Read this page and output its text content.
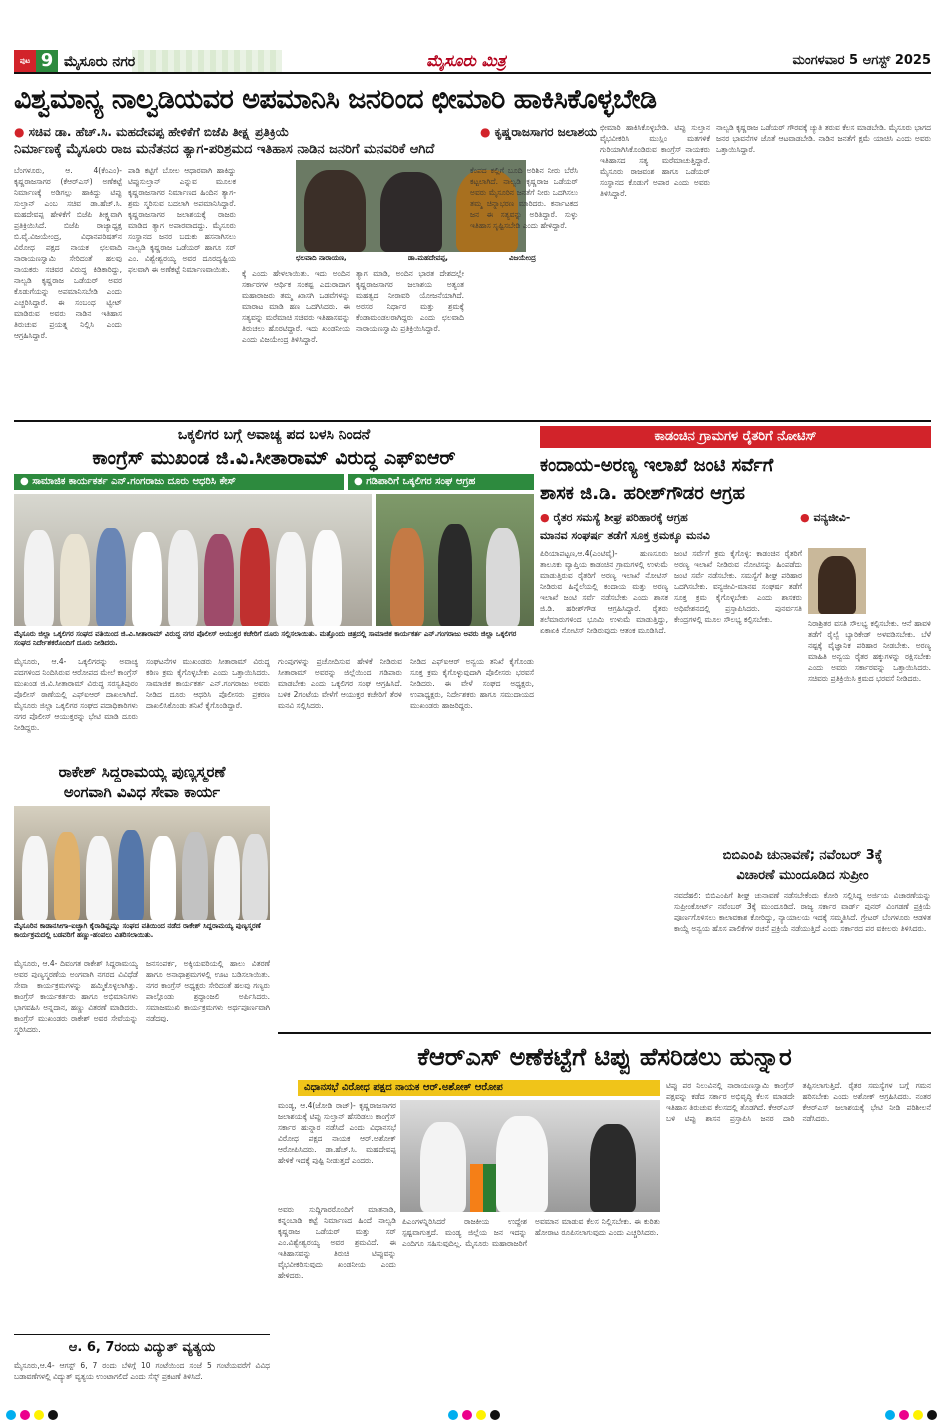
ಪುಟ 9 ಮೈಸೂರು ನಗರ	ಮೈಸೂರು ಮಿತ್ರ	ಮಂಗಳವಾರ 5 ಆಗಸ್ಟ್ 2025
ವಿಶ್ವಮಾನ್ಯ ನಾಲ್ವಡಿಯವರ ಅಪಮಾನಿಸಿ ಜನರಿಂದ ಛೀಮಾರಿ ಹಾಕಿಸಿಕೊಳ್ಳಬೇಡಿ
● ಸಚಿವ ಡಾ. ಹೆಚ್.ಸಿ. ಮಹದೇವಪ್ಪ ಹೇಳಿಕೆಗೆ ಬಿಜೆಪಿ ತೀಕ್ಷ್ಣ ಪ್ರತಿಕ್ರಿಯೆ	● ಕೃಷ್ಣರಾಜಸಾಗರ ಜಲಾಶಯ
ನಿರ್ಮಾಣಕ್ಕೆ ಮೈಸೂರು ರಾಜ ಮನೆತನದ ತ್ಯಾಗ-ಪರಿಶ್ರಮದ ಇತಿಹಾಸ ನಾಡಿನ ಜನರಿಗೆ ಮನವರಿಕೆ ಆಗಿದೆ
ಬೆಂಗಳೂರು, ಆ. 4(ಕೆಂಎಂ)- ಕೃಷ್ಣರಾಜಸಾಗರ (ಕೆಆರ್‌ಎಸ್) ಅಣೆಕಟ್ಟೆ ನಿರ್ಮಾಣಕ್ಕೆ ಅಡಿಗಲ್ಲು ಹಾಕಿದ್ದು ಟಿಪ್ಪು ಸುಲ್ತಾನ್ ಎಂಬ ಸಚಿವ ಡಾ.ಹೆಚ್.ಸಿ. ಮಹದೇವಪ್ಪ ಹೇಳಿಕೆಗೆ ಬಿಜೆಪಿ ತೀಕ್ಷ್ಣವಾಗಿ ಪ್ರತಿಕ್ರಿಯಿಸಿದೆ. ಬಿಜೆಪಿ ರಾಜ್ಯಾಧ್ಯಕ್ಷ ಬಿ.ವೈ.ವಿಜಯೇಂದ್ರ, ವಿಧಾನಪರಿಷತ್‌ನ ವಿರೋಧ ಪಕ್ಷದ ನಾಯಕ ಛಲವಾದಿ ನಾರಾಯಣಸ್ವಾಮಿ ಸೇರಿದಂತೆ ಹಲವು ನಾಯಕರು ಸಚಿವರ ವಿರುದ್ಧ ಕಿಡಿಕಾರಿದ್ದು, ನಾಲ್ವಡಿ ಕೃಷ್ಣರಾಜ ಒಡೆಯರ್ ಅವರ ಕೊಡುಗೆಯನ್ನು ಅಪಮಾನಿಸಬೇಡಿ ಎಂದು ಎಚ್ಚರಿಸಿದ್ದಾರೆ. ಈ ಸಂಬಂಧ ಟ್ವೀಟ್ ಮಾಡಿರುವ ಅವರು ನಾಡಿನ ಇತಿಹಾಸ ತಿರುಚುವ ಪ್ರಯತ್ನ ನಿಲ್ಲಿಸಿ ಎಂದು ಆಗ್ರಹಿಸಿದ್ದಾರೆ.
ಪಾಡಿ ಕಟ್ಟಿಗೆ ಬೋಲ ಆಧಾರವಾಗಿ ಹಾಕಿದ್ದು ಟಿಪ್ಪುಸುಲ್ತಾನ್ ಎನ್ನುವ ಮೂಲಕ ಕೃಷ್ಣರಾಜಸಾಗರ ನಿರ್ಮಾಣದ ಹಿಂದಿನ ತ್ಯಾಗ-ಶ್ರಮ ಸ್ಮರಿಸುವ ಬದಲಾಗಿ ಅಪಮಾನಿಸಿದ್ದಾರೆ. ಕೃಷ್ಣರಾಜಸಾಗರ ಜಲಾಶಯಕ್ಕೆ ರಾಜರು ಮಾಡಿದ ತ್ಯಾಗ ಅಪಾರವಾದದ್ದು. ಮೈಸೂರು ಸಂಸ್ಥಾನದ ಜನರ ಬದುಕು ಹಸನಾಗಿಸಲು ನಾಲ್ವಡಿ ಕೃಷ್ಣರಾಜ ಒಡೆಯರ್ ಹಾಗೂ ಸರ್ ಎಂ. ವಿಶ್ವೇಶ್ವರಯ್ಯ ಅವರ ದೂರದೃಷ್ಟಿಯ ಫಲವಾಗಿ ಈ ಅಣೆಕಟ್ಟೆ ನಿರ್ಮಾಣವಾಯಿತು.
ಛಲವಾದಿ ನಾರಾಯಣ,	ಡಾ.ಮಹದೇವಪ್ಪ,	ವಿಜಯೇಂದ್ರ
ಕ್ಕೆ ಎಂದು ಹೇಳಲಾಯಿತು. ಇದು ಅಂದಿನ ಸರ್ಕಾರಗಳ ಆರ್ಥಿಕ ಸಂಕಷ್ಟ ಎದುರಾದಾಗ ಮಹಾರಾಜರು ತಮ್ಮ ಖಾಸಗಿ ಒಡವೆಗಳನ್ನು ಮಾರಾಟ ಮಾಡಿ ಹಣ ಒದಗಿಸಿದರು. ಈ ಸತ್ಯವನ್ನು ಮರೆಮಾಚಿ ಸಚಿವರು ಇತಿಹಾಸವನ್ನು ತಿರುಚಲು ಹೊರಟಿದ್ದಾರೆ. ಇದು ಖಂಡನೀಯ ಎಂದು ವಿಜಯೇಂದ್ರ ತಿಳಿಸಿದ್ದಾರೆ.
ತ್ಯಾಗ ಮಾಡಿ, ಅಂದಿನ ಭಾರತ ದೇಶದಲ್ಲೇ ಕೃಷ್ಣರಾಜಸಾಗರ ಜಲಾಶಯ ಅತ್ಯಂತ ಮಹತ್ವದ ನೀರಾವರಿ ಯೋಜನೆಯಾಗಿದೆ. ಅರಸರ ನಿರ್ಧಾರ ಮತ್ತು ಶ್ರಮಕ್ಕೆ ಕೆಂಡಾಮಂಡಲರಾಗಿದ್ದರು ಎಂದು ಛಲವಾದಿ ನಾರಾಯಣಸ್ವಾಮಿ ಪ್ರತಿಕ್ರಿಯಿಸಿದ್ದಾರೆ.
ಕೆಂಪದ ಕಲ್ಲಿಗೆ ಬೂದಿ ಅರಿಶಿನ ನೀರು ಬೆರೆಸಿ ಕಟ್ಟಲಾಗಿದೆ. ನಾಲ್ವಡಿ ಕೃಷ್ಣರಾಜ ಒಡೆಯರ್ ಅವರು ಮೈಸೂರಿನ ಜನತೆಗೆ ನೀರು ಒದಗಿಸಲು ತಮ್ಮ ಚಿನ್ನಾಭರಣ ಮಾರಿದರು. ಕರ್ನಾಟಕದ ಜನ ಈ ಸತ್ಯವನ್ನು ಅರಿತಿದ್ದಾರೆ. ಸುಳ್ಳು ಇತಿಹಾಸ ಸೃಷ್ಟಿಸಬೇಡಿ ಎಂದು ಹೇಳಿದ್ದಾರೆ.
ಛೀಮಾರಿ ಹಾಕಿಸಿಕೊಳ್ಳಬೇಡಿ. ಟಿಪ್ಪು ಸುಲ್ತಾನ ವೈಭವೀಕರಿಸಿ ಮುಸ್ಲಿಂ ಮತಗಳಿಕೆ ಗುರಿಯಾಗಿಸಿಕೊಂಡಿರುವ ಕಾಂಗ್ರೆಸ್ ನಾಯಕರು ಇತಿಹಾಸದ ಸತ್ಯ ಮರೆಮಾಚುತ್ತಿದ್ದಾರೆ. ಮೈಸೂರು ರಾಜವಂಶ ಹಾಗೂ ಒಡೆಯರ್ ಸಂಸ್ಥಾನದ ಕೊಡುಗೆ ಅಪಾರ ಎಂದು ಅವರು ತಿಳಿಸಿದ್ದಾರೆ.
ನಾಲ್ವಡಿ ಕೃಷ್ಣರಾಜ ಒಡೆಯರ್ ಗೌರವಕ್ಕೆ ಚ್ಯುತಿ ತರುವ ಕೆಲಸ ಮಾಡಬೇಡಿ. ಮೈಸೂರು ಭಾಗದ ಜನರ ಭಾವನೆಗಳ ಜೊತೆ ಆಟವಾಡಬೇಡಿ. ನಾಡಿನ ಜನತೆಗೆ ಕ್ಷಮೆ ಯಾಚಿಸಿ ಎಂದು ಅವರು ಒತ್ತಾಯಿಸಿದ್ದಾರೆ.
ಒಕ್ಕಲಿಗರ ಬಗ್ಗೆ ಅವಾಚ್ಯ ಪದ ಬಳಸಿ ನಿಂದನೆ
ಕಾಂಗ್ರೆಸ್ ಮುಖಂಡ ಜಿ.ವಿ.ಸೀತಾರಾಮ್ ವಿರುದ್ಧ ಎಫ್‌ಐಆರ್
● ಸಾಮಾಜಿಕ ಕಾರ್ಯಕರ್ತ ಎನ್.ಗಂಗರಾಜು ದೂರು ಆಧರಿಸಿ ಕೇಸ್	● ಗಡಿಪಾರಿಗೆ ಒಕ್ಕಲಿಗರ ಸಂಘ ಆಗ್ರಹ
ಮೈಸೂರು ಜಿಲ್ಲಾ ಒಕ್ಕಲಿಗರ ಸಂಘದ ವತಿಯಿಂದ ಜಿ.ವಿ.ಸೀತಾರಾಮ್ ವಿರುದ್ಧ ನಗರ ಪೊಲೀಸ್ ಆಯುಕ್ತರ ಕಚೇರಿಗೆ ದೂರು ಸಲ್ಲಿಸಲಾಯಿತು. ಮತ್ತೊಂದು ಚಿತ್ರದಲ್ಲಿ ಸಾಮಾಜಿಕ ಕಾರ್ಯಕರ್ತ ಎನ್.ಗಂಗರಾಜು ಅವರು ಜಿಲ್ಲಾ ಒಕ್ಕಲಿಗರ ಸಂಘದ ನಿರ್ದೇಶಕರೊಂದಿಗೆ ದೂರು ನೀಡಿದರು.
ಮೈಸೂರು, ಆ.4- ಒಕ್ಕಲಿಗರನ್ನು ಅವಾಚ್ಯ ಪದಗಳಿಂದ ನಿಂದಿಸಿರುವ ಆರೋಪದ ಮೇಲೆ ಕಾಂಗ್ರೆಸ್ ಮುಖಂಡ ಜಿ.ವಿ.ಸೀತಾರಾಮ್ ವಿರುದ್ಧ ಸರಸ್ವತಿಪುರಂ ಪೊಲೀಸ್ ಠಾಣೆಯಲ್ಲಿ ಎಫ್‌ಐಆರ್ ದಾಖಲಾಗಿದೆ. ಮೈಸೂರು ಜಿಲ್ಲಾ ಒಕ್ಕಲಿಗರ ಸಂಘದ ಪದಾಧಿಕಾರಿಗಳು ನಗರ ಪೊಲೀಸ್ ಆಯುಕ್ತರನ್ನು ಭೇಟಿ ಮಾಡಿ ದೂರು ನೀಡಿದ್ದರು.
ಸಂಘಟನೆಗಳ ಮುಖಂಡರು ಸೀತಾರಾಮ್ ವಿರುದ್ಧ ಕಠಿಣ ಕ್ರಮ ಕೈಗೊಳ್ಳಬೇಕು ಎಂದು ಒತ್ತಾಯಿಸಿದರು. ಸಾಮಾಜಿಕ ಕಾರ್ಯಕರ್ತ ಎನ್.ಗಂಗರಾಜು ಅವರು ನೀಡಿದ ದೂರು ಆಧರಿಸಿ ಪೊಲೀಸರು ಪ್ರಕರಣ ದಾಖಲಿಸಿಕೊಂಡು ತನಿಖೆ ಕೈಗೊಂಡಿದ್ದಾರೆ.
ಗುಂಪುಗಳನ್ನು ಪ್ರಚೋದಿಸುವ ಹೇಳಿಕೆ ನೀಡಿರುವ ಸೀತಾರಾಮ್ ಅವರನ್ನು ಜಿಲ್ಲೆಯಿಂದ ಗಡಿಪಾರು ಮಾಡಬೇಕು ಎಂದು ಒಕ್ಕಲಿಗರ ಸಂಘ ಆಗ್ರಹಿಸಿದೆ. ಬಳಿಕ 2ಗಂಟೆಯ ವೇಳೆಗೆ ಆಯುಕ್ತರ ಕಚೇರಿಗೆ ತೆರಳಿ ಮನವಿ ಸಲ್ಲಿಸಿದರು.
ನೀಡಿದ ಎಫ್‌ಐಆರ್ ಅನ್ವಯ ತನಿಖೆ ಕೈಗೊಂಡು ಸೂಕ್ತ ಕ್ರಮ ಕೈಗೊಳ್ಳುವುದಾಗಿ ಪೊಲೀಸರು ಭರವಸೆ ನೀಡಿದರು. ಈ ವೇಳೆ ಸಂಘದ ಅಧ್ಯಕ್ಷರು, ಉಪಾಧ್ಯಕ್ಷರು, ನಿರ್ದೇಶಕರು ಹಾಗೂ ಸಮುದಾಯದ ಮುಖಂಡರು ಹಾಜರಿದ್ದರು.
ರಾಕೇಶ್ ಸಿದ್ದರಾಮಯ್ಯ ಪುಣ್ಯಸ್ಮರಣೆ
ಅಂಗವಾಗಿ ವಿವಿಧ ಸೇವಾ ಕಾರ್ಯ
ಮೈಸೂರಿನ ಕಾಡಾನಸೀಗಾ-ಐಚ್ಛಾಗಿ ಕೈರಾಡಿಫ್ಲಮ್ನು ಸಂಘದ ವತಿಯಿಂದ ನಡೆದ ರಾಕೇಶ್ ಸಿದ್ದರಾಮಯ್ಯ ಪುಣ್ಯಸ್ಮರಣೆ ಕಾರ್ಯಕ್ರಮದಲ್ಲಿ ಬಡವರಿಗೆ ಹಣ್ಣು-ಹಂಪಲು ವಿತರಿಸಲಾಯಿತು.
ಮೈಸೂರು, ಆ.4- ದಿವಂಗತ ರಾಕೇಶ್ ಸಿದ್ದರಾಮಯ್ಯ ಅವರ ಪುಣ್ಯಸ್ಮರಣೆಯ ಅಂಗವಾಗಿ ನಗರದ ವಿವಿಧೆಡೆ ಸೇವಾ ಕಾರ್ಯಕ್ರಮಗಳನ್ನು ಹಮ್ಮಿಕೊಳ್ಳಲಾಗಿತ್ತು. ಕಾಂಗ್ರೆಸ್ ಕಾರ್ಯಕರ್ತರು ಹಾಗೂ ಅಭಿಮಾನಿಗಳು ಭಾಗವಹಿಸಿ ಅನ್ನದಾನ, ಹಣ್ಣು ವಿತರಣೆ ಮಾಡಿದರು. ಕಾಂಗ್ರೆಸ್ ಮುಖಂಡರು ರಾಕೇಶ್ ಅವರ ಸೇವೆಯನ್ನು ಸ್ಮರಿಸಿದರು.
ಜನಸಂಪರ್ಕ, ಅಕ್ಕಿಯವರಿಯಲ್ಲಿ ಹಾಲು ವಿತರಣೆ ಹಾಗೂ ಅನಾಥಾಶ್ರಮಗಳಲ್ಲಿ ಊಟ ಬಡಿಸಲಾಯಿತು. ನಗರ ಕಾಂಗ್ರೆಸ್ ಅಧ್ಯಕ್ಷರು ಸೇರಿದಂತೆ ಹಲವು ಗಣ್ಯರು ಪಾಲ್ಗೊಂಡು ಶ್ರದ್ಧಾಂಜಲಿ ಅರ್ಪಿಸಿದರು. ಸಮಾಜಮುಖಿ ಕಾರ್ಯಕ್ರಮಗಳು ಅರ್ಥಪೂರ್ಣವಾಗಿ ನಡೆದವು.
ಕಾಡಂಚಿನ ಗ್ರಾಮಗಳ ರೈತರಿಗೆ ನೋಟಿಸ್
ಕಂದಾಯ-ಅರಣ್ಯ ಇಲಾಖೆ ಜಂಟಿ ಸರ್ವೆಗೆ
ಶಾಸಕ ಜಿ.ಡಿ. ಹರೀಶ್‌ಗೌಡರ ಆಗ್ರಹ
● ರೈತರ ಸಮಸ್ಯೆ ಶೀಘ್ರ ಪರಿಹಾರಕ್ಕೆ ಆಗ್ರಹ	● ವನ್ಯಜೀವಿ-
ಮಾನವ ಸಂಘರ್ಷ ತಡೆಗೆ ಸೂಕ್ತ ಕ್ರಮಕ್ಕೂ ಮನವಿ
ಪಿರಿಯಾಪಟ್ಟಣ,ಆ.4(ಎಂಟಿವೈ)- ಹುಣಸೂರು ತಾಲೂಕು ವ್ಯಾಪ್ತಿಯ ಕಾಡಂಚಿನ ಗ್ರಾಮಗಳಲ್ಲಿ ಉಳುಮೆ ಮಾಡುತ್ತಿರುವ ರೈತರಿಗೆ ಅರಣ್ಯ ಇಲಾಖೆ ನೋಟಿಸ್ ನೀಡಿರುವ ಹಿನ್ನೆಲೆಯಲ್ಲಿ ಕಂದಾಯ ಮತ್ತು ಅರಣ್ಯ ಇಲಾಖೆ ಜಂಟಿ ಸರ್ವೆ ನಡೆಸಬೇಕು ಎಂದು ಶಾಸಕ ಜಿ.ಡಿ. ಹರೀಶ್‌ಗೌಡ ಆಗ್ರಹಿಸಿದ್ದಾರೆ. ರೈತರು ತಲೆಮಾರುಗಳಿಂದ ಭೂಮಿ ಉಳುಮೆ ಮಾಡುತ್ತಿದ್ದು, ಏಕಾಏಕಿ ನೋಟಿಸ್ ನೀಡಿರುವುದು ಆತಂಕ ಮೂಡಿಸಿದೆ.
ಜಂಟಿ ಸರ್ವೆಗೆ ಕ್ರಮ ಕೈಗೊಳ್ಳಿ: ಕಾಡಂಚಿನ ರೈತರಿಗೆ ಅರಣ್ಯ ಇಲಾಖೆ ನೀಡಿರುವ ನೋಟಿಸನ್ನು ಹಿಂಪಡೆದು ಜಂಟಿ ಸರ್ವೆ ನಡೆಸಬೇಕು. ಸಮಸ್ಯೆಗೆ ಶೀಘ್ರ ಪರಿಹಾರ ಒದಗಿಸಬೇಕು. ವನ್ಯಜೀವಿ-ಮಾನವ ಸಂಘರ್ಷ ತಡೆಗೆ ಸೂಕ್ತ ಕ್ರಮ ಕೈಗೊಳ್ಳಬೇಕು ಎಂದು ಶಾಸಕರು ಅಧಿವೇಶನದಲ್ಲಿ ಪ್ರಸ್ತಾಪಿಸಿದರು. ಪುನರ್ವಸತಿ ಕೇಂದ್ರಗಳಲ್ಲಿ ಮೂಲ ಸೌಲಭ್ಯ ಕಲ್ಪಿಸಬೇಕು.	ನಿರಾಶ್ರಿತರ ವಸತಿ ಸೌಲಭ್ಯ ಕಲ್ಪಿಸಬೇಕು. ಆನೆ ಹಾವಳಿ ತಡೆಗೆ ರೈಲ್ವೆ ಬ್ಯಾರಿಕೇಡ್ ಅಳವಡಿಸಬೇಕು. ಬೆಳೆ ನಷ್ಟಕ್ಕೆ ವೈಜ್ಞಾನಿಕ ಪರಿಹಾರ ನೀಡಬೇಕು. ಅರಣ್ಯ ಮಾಹಿತಿ ಅನ್ವಯ ರೈತರ ಹಕ್ಕುಗಳನ್ನು ರಕ್ಷಿಸಬೇಕು ಎಂದು ಅವರು ಸರ್ಕಾರವನ್ನು ಒತ್ತಾಯಿಸಿದರು. ಸಚಿವರು ಪ್ರತಿಕ್ರಿಯಿಸಿ ಕ್ರಮದ ಭರವಸೆ ನೀಡಿದರು.
ಬಿಬಿಎಂಪಿ ಚುನಾವಣೆ; ನವೆಂಬರ್ 3ಕ್ಕೆ
ವಿಚಾರಣೆ ಮುಂದೂಡಿದ ಸುಪ್ರೀಂ
ನವದೆಹಲಿ: ಬಿಬಿಎಂಪಿಗೆ ಶೀಘ್ರ ಚುನಾವಣೆ ನಡೆಸಬೇಕೆಂದು ಕೋರಿ ಸಲ್ಲಿಸಿದ್ದ ಅರ್ಜಿಯ ವಿಚಾರಣೆಯನ್ನು ಸುಪ್ರೀಂಕೋರ್ಟ್ ನವೆಂಬರ್ 3ಕ್ಕೆ ಮುಂದೂಡಿದೆ. ರಾಜ್ಯ ಸರ್ಕಾರ ವಾರ್ಡ್ ಪುನರ್ ವಿಂಗಡಣೆ ಪ್ರಕ್ರಿಯೆ ಪೂರ್ಣಗೊಳಿಸಲು ಕಾಲಾವಕಾಶ ಕೋರಿದ್ದು, ನ್ಯಾಯಾಲಯ ಇದಕ್ಕೆ ಸಮ್ಮತಿಸಿದೆ. ಗ್ರೇಟರ್ ಬೆಂಗಳೂರು ಆಡಳಿತ ಕಾಯ್ದೆ ಅನ್ವಯ ಹೊಸ ಪಾಲಿಕೆಗಳ ರಚನೆ ಪ್ರಕ್ರಿಯೆ ನಡೆಯುತ್ತಿದೆ ಎಂದು ಸರ್ಕಾರದ ಪರ ವಕೀಲರು ತಿಳಿಸಿದರು.
ಕೆಆರ್‌ಎಸ್ ಅಣೆಕಟ್ಟೆಗೆ ಟಿಪ್ಪು ಹೆಸರಿಡಲು ಹುನ್ನಾರ
ವಿಧಾನಸಭೆ ವಿರೋಧ ಪಕ್ಷದ ನಾಯಕ ಆರ್.ಅಶೋಕ್ ಆರೋಪ
ಮಂಡ್ಯ, ಆ.4(ಜೋಡಿ ರಾಜ್)- ಕೃಷ್ಣರಾಜಸಾಗರ ಜಲಾಶಯಕ್ಕೆ ಟಿಪ್ಪು ಸುಲ್ತಾನ್ ಹೆಸರಿಡಲು ಕಾಂಗ್ರೆಸ್ ಸರ್ಕಾರ ಹುನ್ನಾರ ನಡೆಸಿದೆ ಎಂದು ವಿಧಾನಸಭೆ ವಿರೋಧ ಪಕ್ಷದ ನಾಯಕ ಆರ್.ಅಶೋಕ್ ಆರೋಪಿಸಿದರು. ಡಾ.ಹೆಚ್.ಸಿ. ಮಹದೇವಪ್ಪ ಹೇಳಿಕೆ ಇದಕ್ಕೆ ಪುಷ್ಟಿ ನೀಡುತ್ತದೆ ಎಂದರು.
ಅವರು ಸುದ್ದಿಗಾರರೊಂದಿಗೆ ಮಾತನಾಡಿ, ಕನ್ನಂಬಾಡಿ ಕಟ್ಟೆ ನಿರ್ಮಾಣದ ಹಿಂದೆ ನಾಲ್ವಡಿ ಕೃಷ್ಣರಾಜ ಒಡೆಯರ್ ಮತ್ತು ಸರ್ ಎಂ.ವಿಶ್ವೇಶ್ವರಯ್ಯ ಅವರ ಶ್ರಮವಿದೆ. ಈ ಇತಿಹಾಸವನ್ನು ತಿರುಚಿ ಟಿಪ್ಪುವನ್ನು ವೈಭವೀಕರಿಸುವುದು ಖಂಡನೀಯ ಎಂದು ಹೇಳಿದರು.
ಪಿಎಂಗಳನ್ನಿರಿಸಿದರೆ ರಾಜಕೀಯ ಉದ್ದೇಶ ಸ್ಪಷ್ಟವಾಗುತ್ತದೆ. ಮಂಡ್ಯ ಜಿಲ್ಲೆಯ ಜನ ಇದನ್ನು ಎಂದಿಗೂ ಸಹಿಸುವುದಿಲ್ಲ. ಮೈಸೂರು ಮಹಾರಾಜರಿಗೆ ಅವಮಾನ ಮಾಡುವ ಕೆಲಸ ನಿಲ್ಲಿಸಬೇಕು. ಈ ಕುರಿತು ಹೋರಾಟ ರೂಪಿಸಲಾಗುವುದು ಎಂದು ಎಚ್ಚರಿಸಿದರು.
ಟಿಪ್ಪು ಪರ ನಿಲುವಿನಲ್ಲಿ ನಾರಾಯಣಸ್ವಾಮಿ ಕಾಂಗ್ರೆಸ್ ಪಕ್ಷವನ್ನು ಕಡೆದ ಸರ್ಕಾರ ಅಭಿವೃದ್ಧಿ ಕೆಲಸ ಮಾಡದೇ ಇತಿಹಾಸ ತಿರುಚುವ ಕೆಲಸದಲ್ಲಿ ತೊಡಗಿದೆ. ಕೆಆರ್‌ಎಸ್ ಬಳಿ ಟಿಪ್ಪು ಶಾಸನ ಪ್ರಸ್ತಾಪಿಸಿ ಜನರ ದಾರಿ ತಪ್ಪಿಸಲಾಗುತ್ತಿದೆ. ರೈತರ ಸಮಸ್ಯೆಗಳ ಬಗ್ಗೆ ಗಮನ ಹರಿಸಬೇಕು ಎಂದು ಅಶೋಕ್ ಆಗ್ರಹಿಸಿದರು. ನಂತರ ಕೆಆರ್‌ಎಸ್ ಜಲಾಶಯಕ್ಕೆ ಭೇಟಿ ನೀಡಿ ಪರಿಶೀಲನೆ ನಡೆಸಿದರು.
ಆ. 6, 7ರಂದು ವಿದ್ಯುತ್ ವ್ಯತ್ಯಯ
ಮೈಸೂರು,ಆ.4- ಆಗಸ್ಟ್ 6, 7 ರಂದು ಬೆಳಿಗ್ಗೆ 10 ಗಂಟೆಯಿಂದ ಸಂಜೆ 5 ಗಂಟೆಯವರೆಗೆ ವಿವಿಧ ಬಡಾವಣೆಗಳಲ್ಲಿ ವಿದ್ಯುತ್ ವ್ಯತ್ಯಯ ಉಂಟಾಗಲಿದೆ ಎಂದು ಸೆಸ್ಕ್ ಪ್ರಕಟಣೆ ತಿಳಿಸಿದೆ.
